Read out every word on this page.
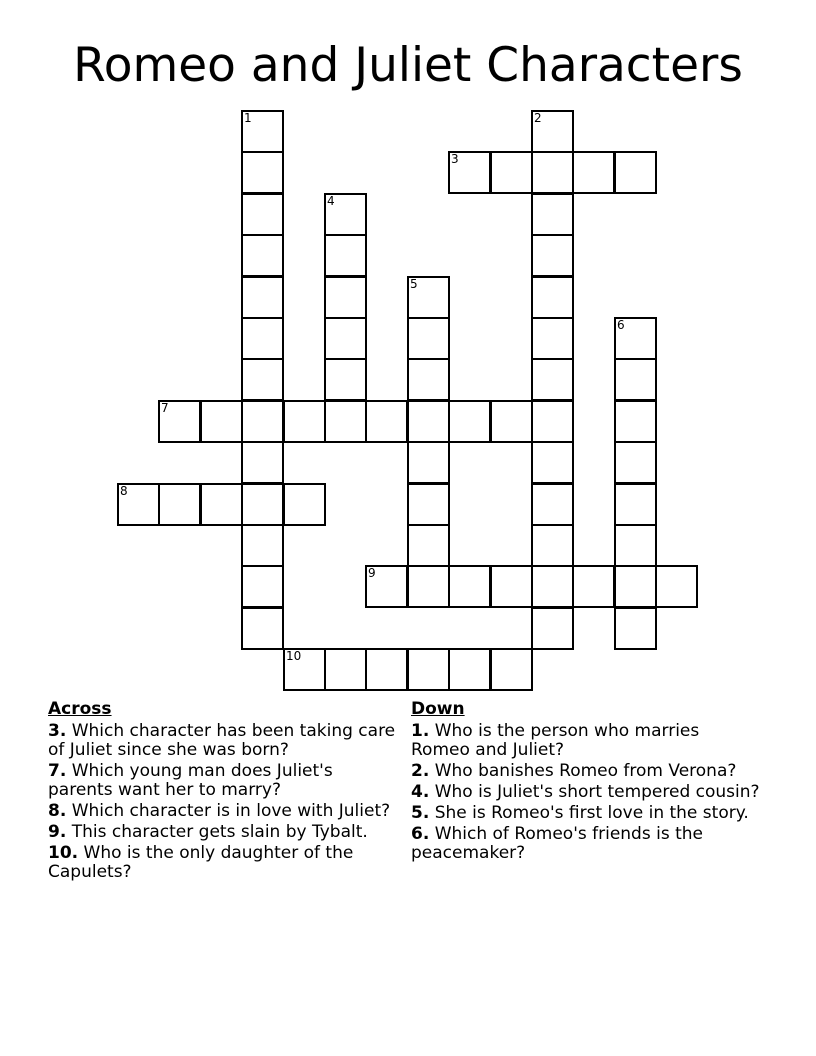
Romeo and Juliet Characters
1	2
3
4
5
6
7
8
9
10
Across
3. Which character has been taking care of Juliet since she was born?
7. Which young man does Juliet's parents want her to marry?
8. Which character is in love with Juliet?
9. This character gets slain by Tybalt.
10. Who is the only daughter of the Capulets?
Down
1. Who is the person who marries Romeo and Juliet?
2. Who banishes Romeo from Verona?
4. Who is Juliet's short tempered cousin?
5. She is Romeo's first love in the story.
6. Which of Romeo's friends is the peacemaker?
